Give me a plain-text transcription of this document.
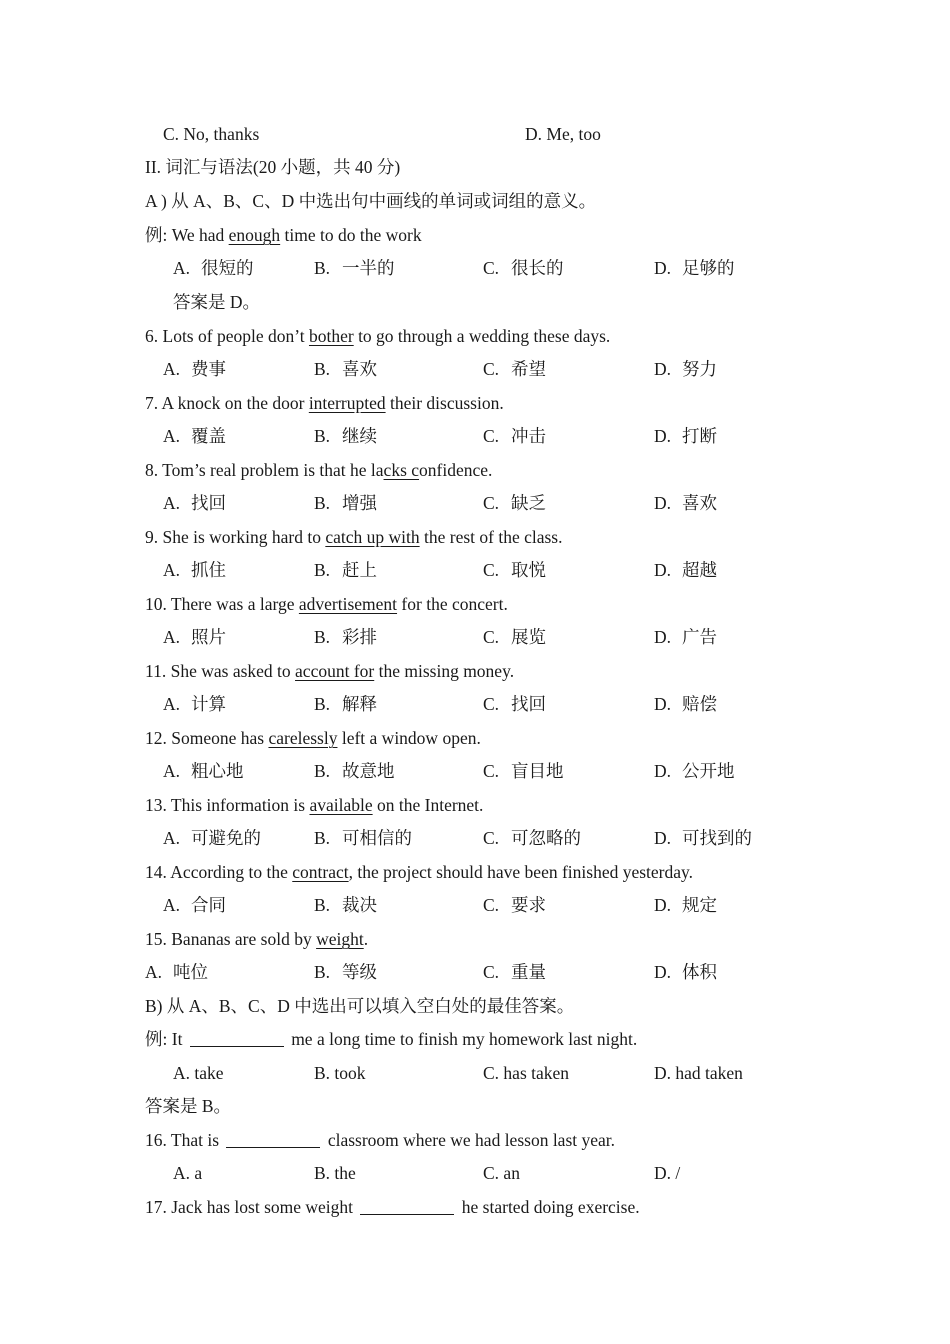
C. No, thanks	D. Me, too
II. 词汇与语法(20 小题，共 40 分)
A ) 从 A、B、C、D 中选出句中画线的单词或词组的意义。
例: We had enough time to do the work
A. 很短的	B. 一半的	C. 很长的	D. 足够的
答案是 D。
6. Lots of people don’t bother to go through a wedding these days.
A. 费事	B. 喜欢	C. 希望	D. 努力
7. A knock on the door interrupted their discussion.
A. 覆盖	B. 继续	C. 冲击	D. 打断
8. Tom’s real problem is that he lacks confidence.
A. 找回	B. 增强	C. 缺乏	D. 喜欢
9. She is working hard to catch up with the rest of the class.
A. 抓住	B. 赶上	C. 取悦	D. 超越
10. There was a large advertisement for the concert.
A. 照片	B. 彩排	C. 展览	D. 广告
11. She was asked to account for the missing money.
A. 计算	B. 解释	C. 找回	D. 赔偿
12. Someone has carelessly left a window open.
A. 粗心地	B. 故意地	C. 盲目地	D. 公开地
13. This information is available on the Internet.
A. 可避免的	B. 可相信的	C. 可忽略的	D. 可找到的
14. According to the contract, the project should have been finished yesterday.
A. 合同	B. 裁决	C. 要求	D. 规定
15. Bananas are sold by weight.
A. 吨位	B. 等级	C. 重量	D. 体积
B) 从 A、B、C、D 中选出可以填入空白处的最佳答案。
例: It	me a long time to finish my homework last night.
A. take	B. took	C. has taken	D. had taken
答案是 B。
16. That is	classroom where we had lesson last year.
A. a	B. the	C. an	D. /
17. Jack has lost some weight	he started doing exercise.
